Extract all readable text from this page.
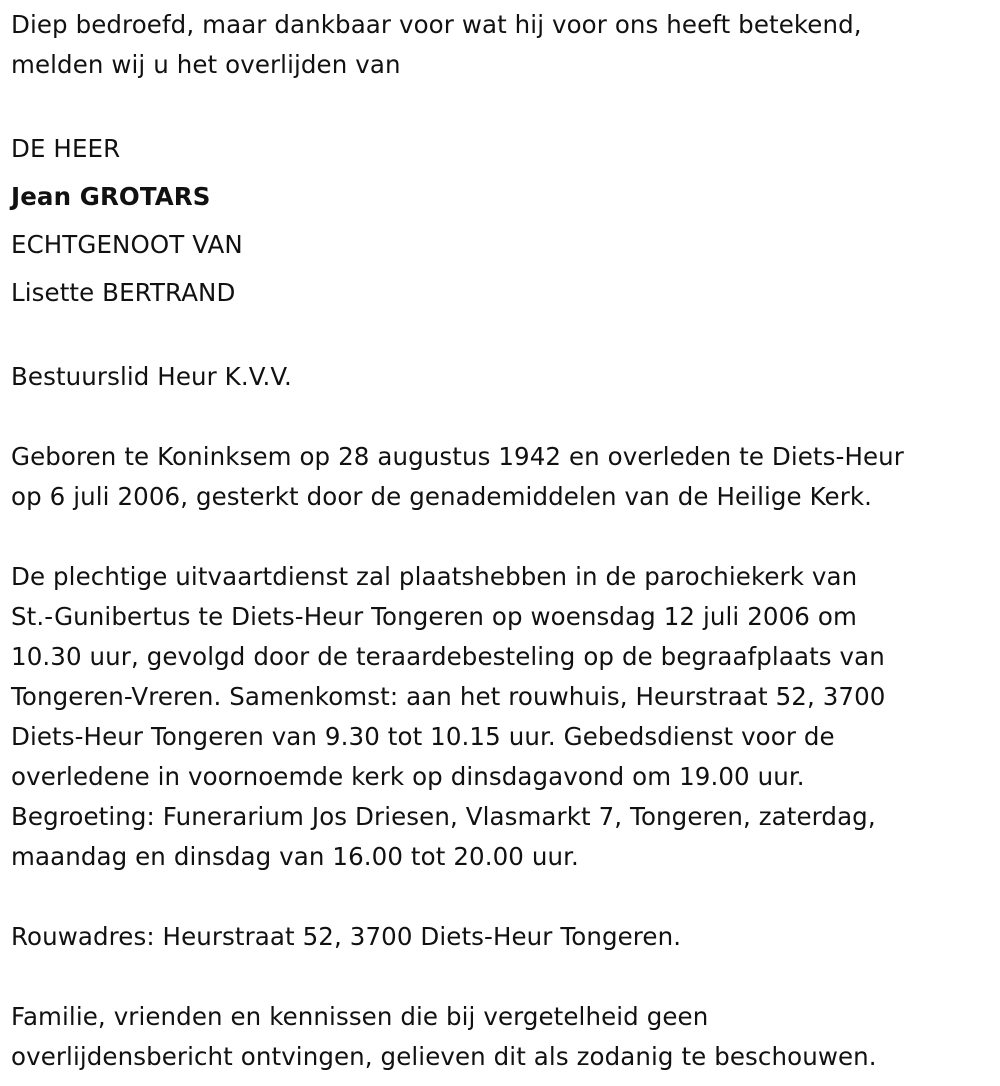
Diep bedroefd, maar dankbaar voor wat hij voor ons heeft betekend,

melden wij u het overlijden van

DE HEER

Jean GROTARS

ECHTGENOOT VAN

Lisette BERTRAND

Bestuurslid Heur K.V.V.

Geboren te Koninksem op 28 augustus 1942 en overleden te Diets-Heur

op 6 juli 2006, gesterkt door de genademiddelen van de Heilige Kerk.

De plechtige uitvaartdienst zal plaatshebben in de parochiekerk van

St.-Gunibertus te Diets-Heur Tongeren op woensdag 12 juli 2006 om

10.30 uur, gevolgd door de teraardebesteling op de begraafplaats van

Tongeren-Vreren. Samenkomst: aan het rouwhuis, Heurstraat 52, 3700

Diets-Heur Tongeren van 9.30 tot 10.15 uur. Gebedsdienst voor de

overledene in voornoemde kerk op dinsdagavond om 19.00 uur.

Begroeting: Funerarium Jos Driesen, Vlasmarkt 7, Tongeren, zaterdag,

maandag en dinsdag van 16.00 tot 20.00 uur.

Rouwadres: Heurstraat 52, 3700 Diets-Heur Tongeren.

Familie, vrienden en kennissen die bij vergetelheid geen

overlijdensbericht ontvingen, gelieven dit als zodanig te beschouwen.
